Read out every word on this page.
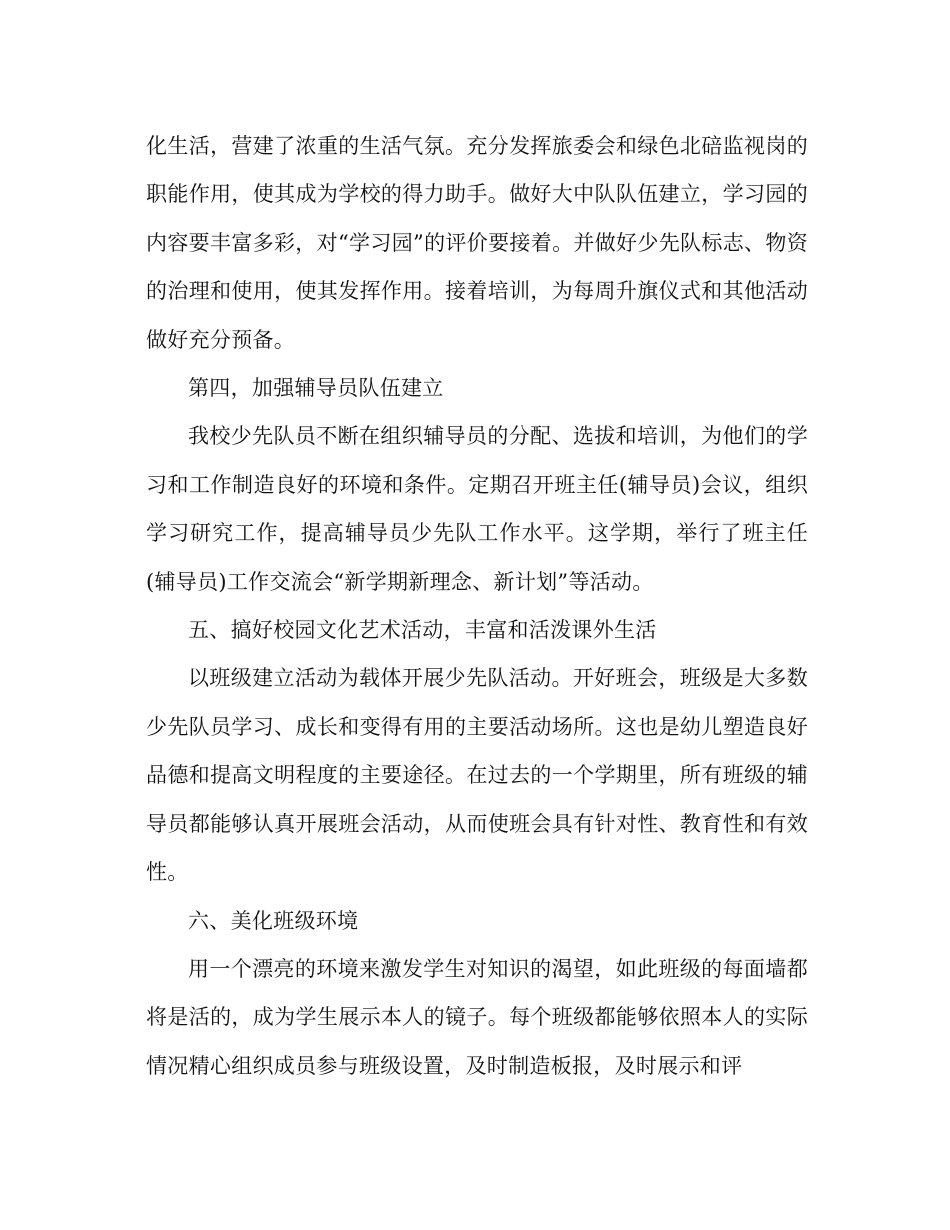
化生活，营建了浓重的生活气氛。充分发挥旅委会和绿色北碚监视岗的职能作用，使其成为学校的得力助手。做好大中队队伍建立，学习园的内容要丰富多彩，对“学习园”的评价要接着。并做好少先队标志、物资的治理和使用，使其发挥作用。接着培训，为每周升旗仪式和其他活动做好充分预备。

第四，加强辅导员队伍建立

我校少先队员不断在组织辅导员的分配、选拔和培训，为他们的学习和工作制造良好的环境和条件。定期召开班主任(辅导员)会议，组织学习研究工作，提高辅导员少先队工作水平。这学期，举行了班主任(辅导员)工作交流会“新学期新理念、新计划”等活动。

五、搞好校园文化艺术活动，丰富和活泼课外生活

以班级建立活动为载体开展少先队活动。开好班会，班级是大多数少先队员学习、成长和变得有用的主要活动场所。这也是幼儿塑造良好品德和提高文明程度的主要途径。在过去的一个学期里，所有班级的辅导员都能够认真开展班会活动，从而使班会具有针对性、教育性和有效性。

六、美化班级环境

用一个漂亮的环境来激发学生对知识的渴望，如此班级的每面墙都将是活的，成为学生展示本人的镜子。每个班级都能够依照本人的实际情况精心组织成员参与班级设置，及时制造板报，及时展示和评
